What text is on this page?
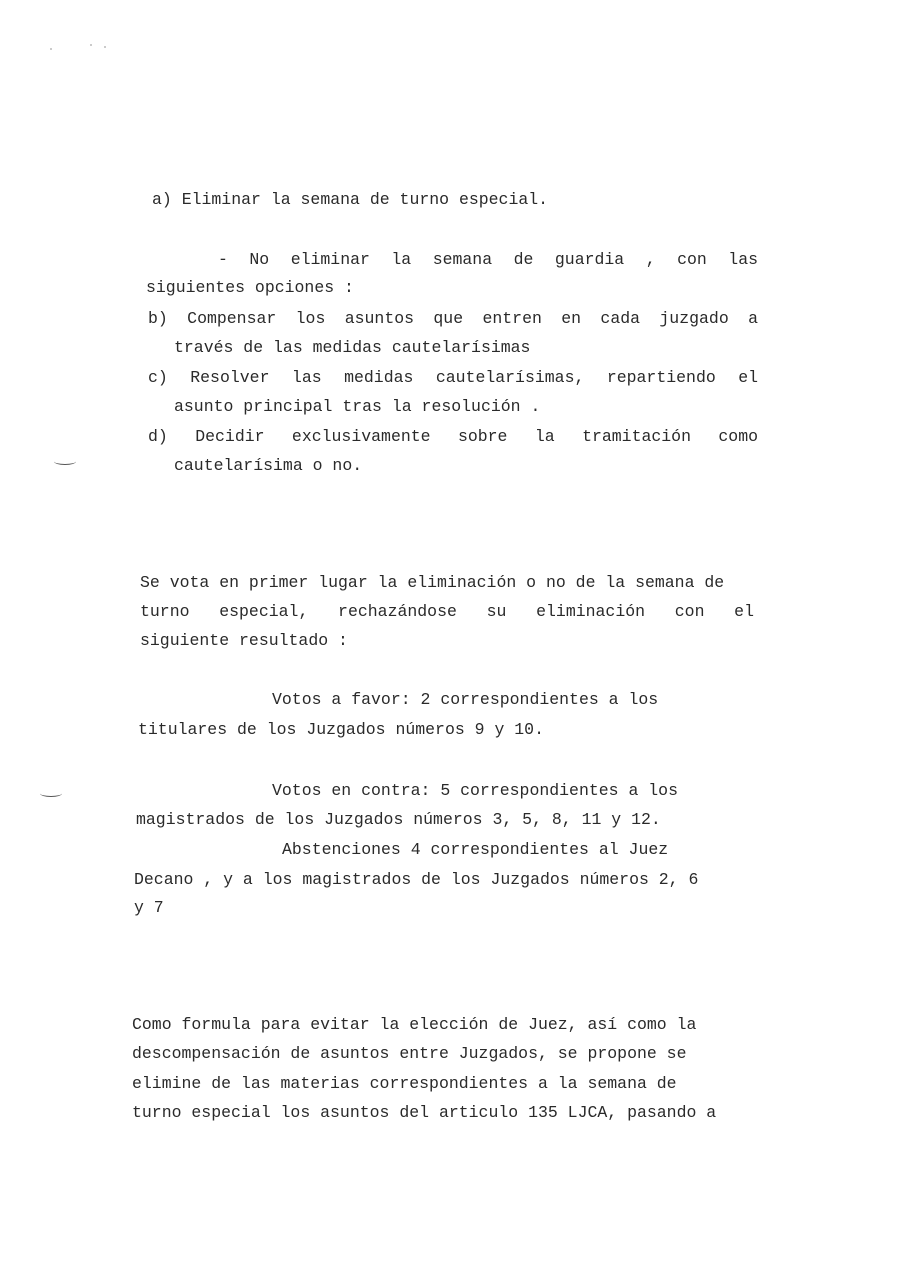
a) Eliminar la semana de turno especial.
- No eliminar la semana de guardia , con las
siguientes opciones :
b) Compensar los asuntos que entren en cada juzgado a
través de las medidas cautelarísimas
c) Resolver las medidas cautelarísimas, repartiendo el
asunto principal tras la resolución .
d) Decidir exclusivamente sobre la tramitación como
cautelarísima o no.
Se vota en primer lugar la eliminación o no de la semana de
turno especial, rechazándose su eliminación con el
siguiente resultado :
Votos a favor: 2 correspondientes a los
titulares de los Juzgados números 9 y 10.
Votos en contra: 5 correspondientes a los
magistrados de los Juzgados números 3, 5, 8, 11 y 12.
Abstenciones 4 correspondientes al Juez
Decano , y a los magistrados de los Juzgados números 2, 6
y 7
Como formula para evitar la elección de Juez, así como la
descompensación de asuntos entre Juzgados, se propone se
elimine de las materias correspondientes a la semana de
turno especial los asuntos del articulo 135 LJCA, pasando a
